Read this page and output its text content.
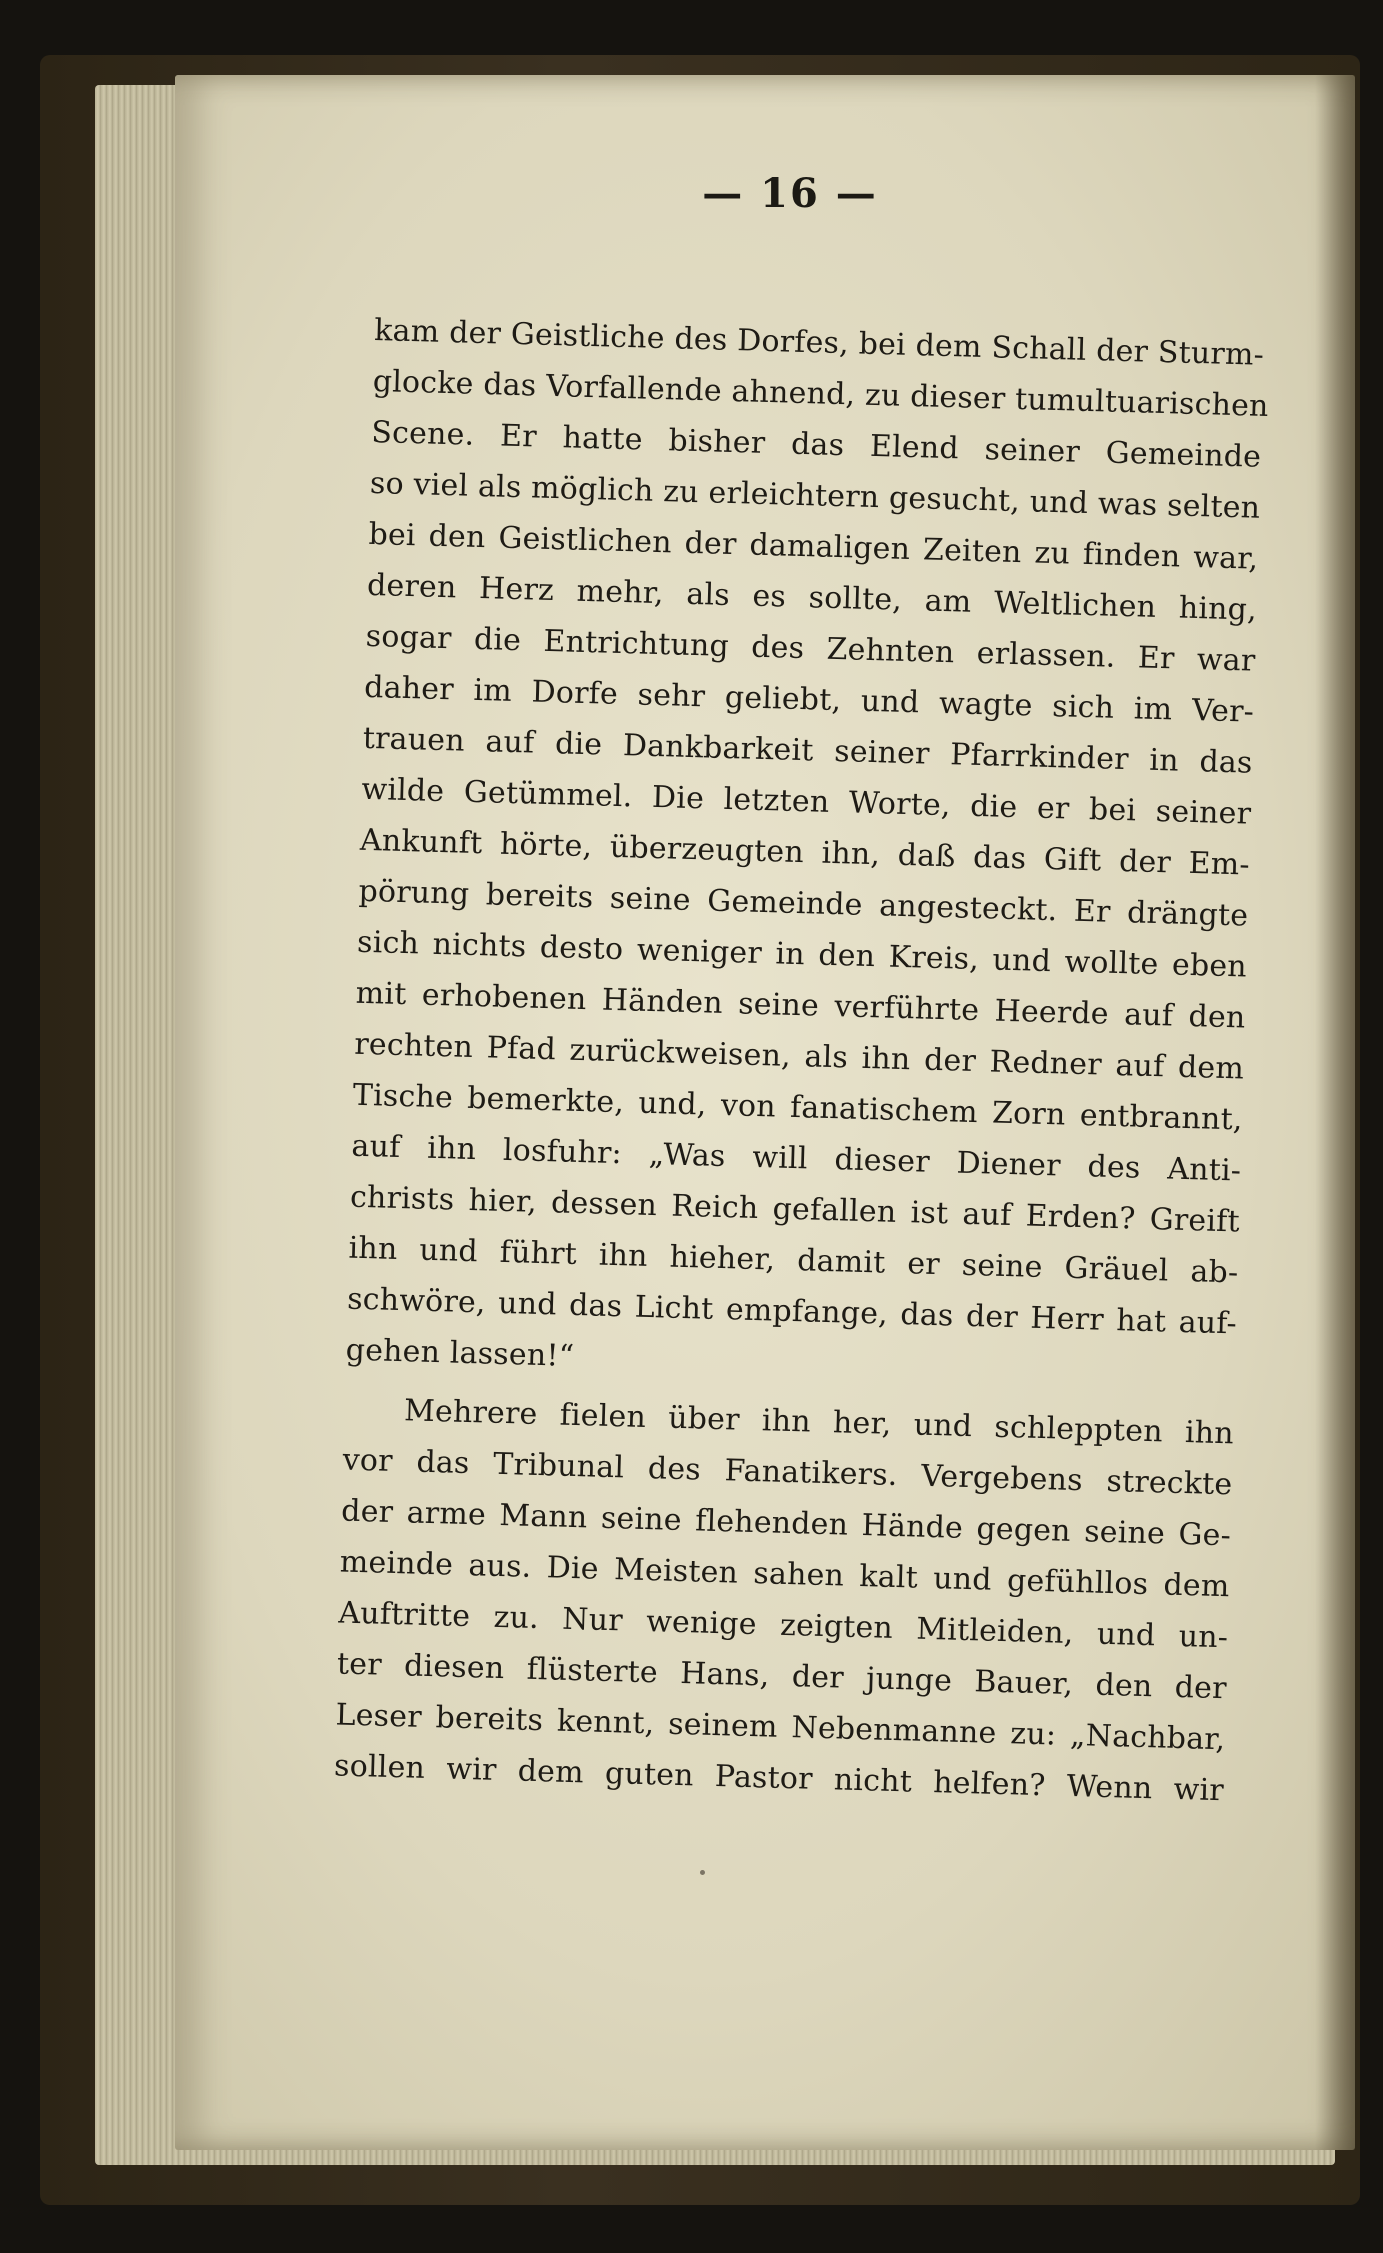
— 16 —
kam der Geistliche des Dorfes, bei dem Schall der Sturm-
glocke das Vorfallende ahnend, zu dieser tumultuarischen
Scene. Er hatte bisher das Elend seiner Gemeinde
so viel als möglich zu erleichtern gesucht, und was selten
bei den Geistlichen der damaligen Zeiten zu finden war,
deren Herz mehr, als es sollte, am Weltlichen hing,
sogar die Entrichtung des Zehnten erlassen. Er war
daher im Dorfe sehr geliebt, und wagte sich im Ver-
trauen auf die Dankbarkeit seiner Pfarrkinder in das
wilde Getümmel. Die letzten Worte, die er bei seiner
Ankunft hörte, überzeugten ihn, daß das Gift der Em-
pörung bereits seine Gemeinde angesteckt. Er drängte
sich nichts desto weniger in den Kreis, und wollte eben
mit erhobenen Händen seine verführte Heerde auf den
rechten Pfad zurückweisen, als ihn der Redner auf dem
Tische bemerkte, und, von fanatischem Zorn entbrannt,
auf ihn losfuhr: „Was will dieser Diener des Anti-
christs hier, dessen Reich gefallen ist auf Erden? Greift
ihn und führt ihn hieher, damit er seine Gräuel ab-
schwöre, und das Licht empfange, das der Herr hat auf-
gehen lassen!“
Mehrere fielen über ihn her, und schleppten ihn
vor das Tribunal des Fanatikers. Vergebens streckte
der arme Mann seine flehenden Hände gegen seine Ge-
meinde aus. Die Meisten sahen kalt und gefühllos dem
Auftritte zu. Nur wenige zeigten Mitleiden, und un-
ter diesen flüsterte Hans, der junge Bauer, den der
Leser bereits kennt, seinem Nebenmanne zu: „Nachbar,
sollen wir dem guten Pastor nicht helfen? Wenn wir
